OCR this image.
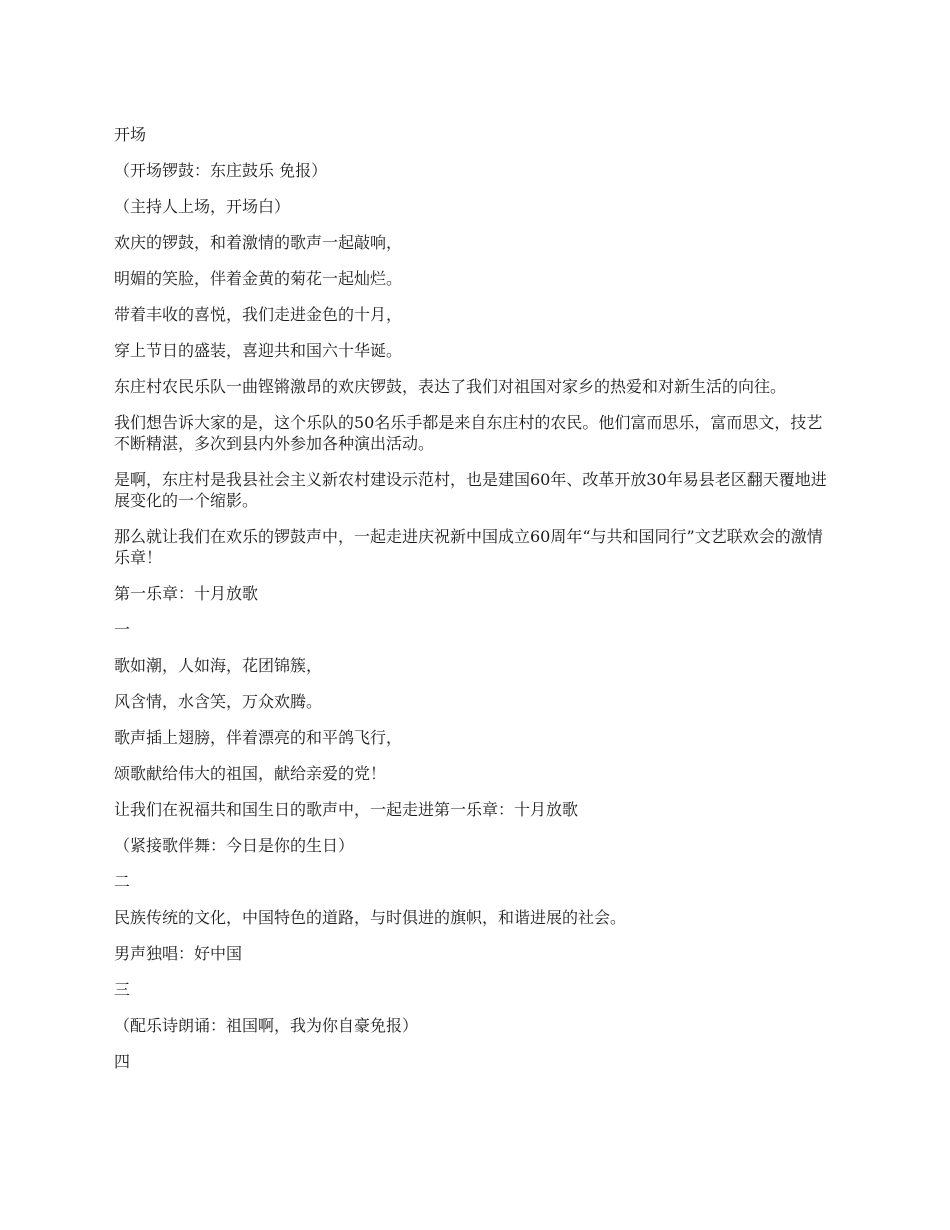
开场

（开场锣鼓：东庄鼓乐 免报）

（主持人上场，开场白）

欢庆的锣鼓，和着激情的歌声一起敲响，

明媚的笑脸，伴着金黄的菊花一起灿烂。

带着丰收的喜悦，我们走进金色的十月，

穿上节日的盛装，喜迎共和国六十华诞。

东庄村农民乐队一曲铿锵激昂的欢庆锣鼓，表达了我们对祖国对家乡的热爱和对新生活的向往。

我们想告诉大家的是，这个乐队的50名乐手都是来自东庄村的农民。他们富而思乐，富而思文，技艺不断精湛，多次到县内外参加各种演出活动。

是啊，东庄村是我县社会主义新农村建设示范村，也是建国60年、改革开放30年易县老区翻天覆地进展变化的一个缩影。

那么就让我们在欢乐的锣鼓声中，一起走进庆祝新中国成立60周年“与共和国同行”文艺联欢会的激情乐章！

第一乐章：十月放歌

一

歌如潮，人如海，花团锦簇，

风含情，水含笑，万众欢腾。

歌声插上翅膀，伴着漂亮的和平鸽飞行，

颂歌献给伟大的祖国，献给亲爱的党！

让我们在祝福共和国生日的歌声中，一起走进第一乐章：十月放歌

（紧接歌伴舞：今日是你的生日）

二

民族传统的文化，中国特色的道路，与时俱进的旗帜，和谐进展的社会。

男声独唱：好中国

三

（配乐诗朗诵：祖国啊，我为你自豪免报）

四
